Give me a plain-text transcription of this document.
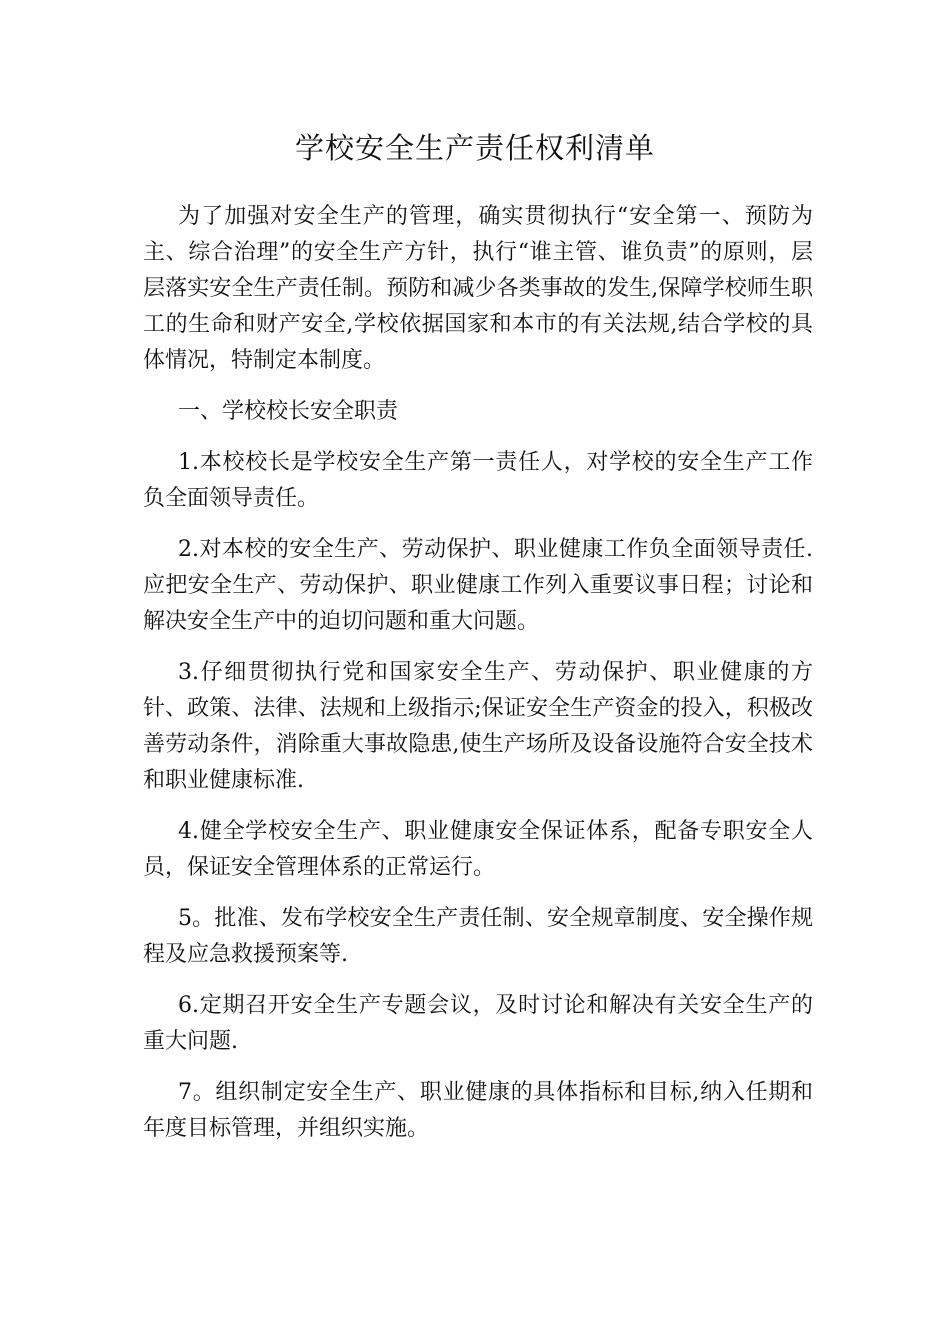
学校安全生产责任权利清单

为了加强对安全生产的管理，确实贯彻执行“安全第一、预防为主、综合治理”的安全生产方针，执行“谁主管、谁负责”的原则，层层落实安全生产责任制。预防和减少各类事故的发生,保障学校师生职工的生命和财产安全,学校依据国家和本市的有关法规,结合学校的具体情况，特制定本制度。

一、学校校长安全职责

1.本校校长是学校安全生产第一责任人，对学校的安全生产工作负全面领导责任。

2.对本校的安全生产、劳动保护、职业健康工作负全面领导责任.应把安全生产、劳动保护、职业健康工作列入重要议事日程；讨论和解决安全生产中的迫切问题和重大问题。

3.仔细贯彻执行党和国家安全生产、劳动保护、职业健康的方针、政策、法律、法规和上级指示;保证安全生产资金的投入，积极改善劳动条件，消除重大事故隐患,使生产场所及设备设施符合安全技术和职业健康标准.

4.健全学校安全生产、职业健康安全保证体系，配备专职安全人员，保证安全管理体系的正常运行。

5。批准、发布学校安全生产责任制、安全规章制度、安全操作规程及应急救援预案等.

6.定期召开安全生产专题会议，及时讨论和解决有关安全生产的重大问题.

7。组织制定安全生产、职业健康的具体指标和目标,纳入任期和年度目标管理，并组织实施。
